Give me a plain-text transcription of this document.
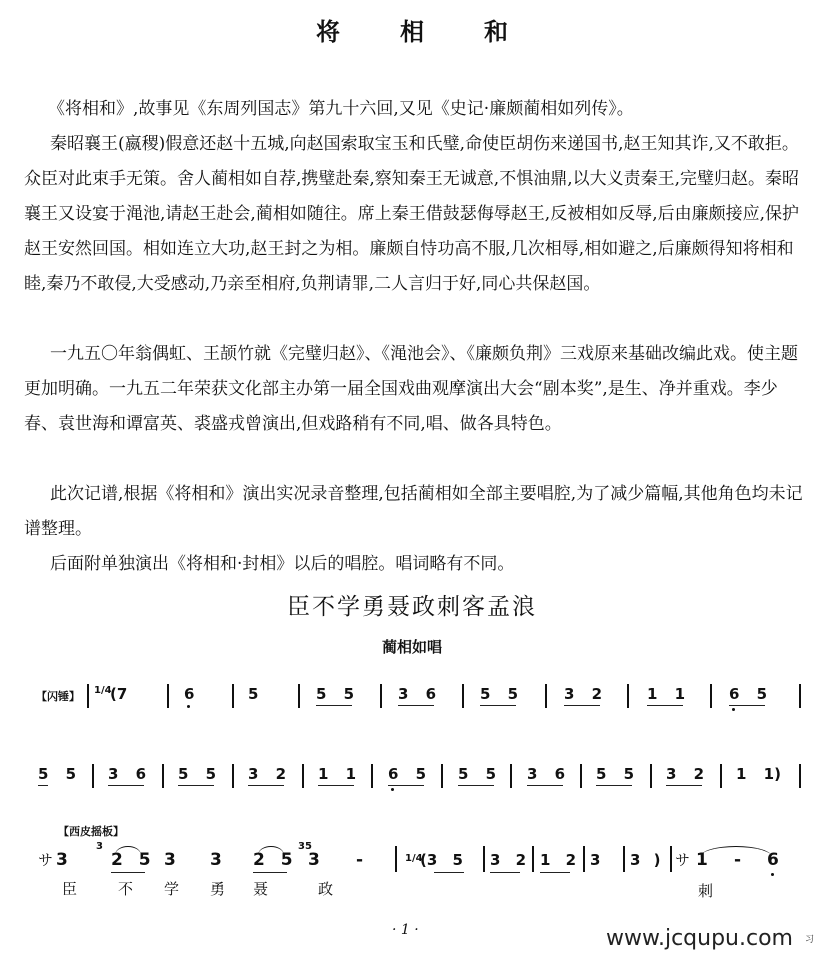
将	相	和

《将相和》,故事见《东周列国志》第九十六回,又见《史记·廉颇蔺相如列传》。

秦昭襄王(嬴稷)假意还赵十五城,向赵国索取宝玉和氏璧,命使臣胡伤来递国书,赵王知其诈,又不敢拒。众臣对此束手无策。舍人蔺相如自荐,携璧赴秦,察知秦王无诚意,不惧油鼎,以大义责秦王,完璧归赵。秦昭襄王又设宴于渑池,请赵王赴会,蔺相如随往。席上秦王借鼓瑟侮辱赵王,反被相如反辱,后由廉颇接应,保护赵王安然回国。相如连立大功,赵王封之为相。廉颇自恃功高不服,几次相辱,相如避之,后廉颇得知将相和睦,秦乃不敢侵,大受感动,乃亲至相府,负荆请罪,二人言归于好,同心共保赵国。

一九五〇年翁偶虹、王颉竹就《完璧归赵》、《渑池会》、《廉颇负荆》三戏原来基础改编此戏。使主题更加明确。一九五二年荣获文化部主办第一届全国戏曲观摩演出大会“剧本奖”,是生、净并重戏。李少春、袁世海和谭富英、裘盛戎曾演出,但戏路稍有不同,唱、做各具特色。

此次记谱,根据《将相和》演出实况录音整理,包括蔺相如全部主要唱腔,为了减少篇幅,其他角色均未记谱整理。

后面附单独演出《将相和·封相》以后的唱腔。唱词略有不同。

臣不学勇聂政刺客孟浪
蔺相如唱
【闪锤】 1/4
(7	6	5	5 5	3 6	5 5	3 2	1 1	6 5
5 5 3 6 5 5 3 2 1 1 6 5 5 5 3 6 5 5 3 2 1 1)
【西皮摇板】
サ 3
3
2 5 3 3 2 5
35
3 -	1/4
(3 5 3 2 1 2 3 3 ) サ 1 - 6
臣	不 学 勇 聂	政	刺
· 1 ·	www.jcqupu.com 习
